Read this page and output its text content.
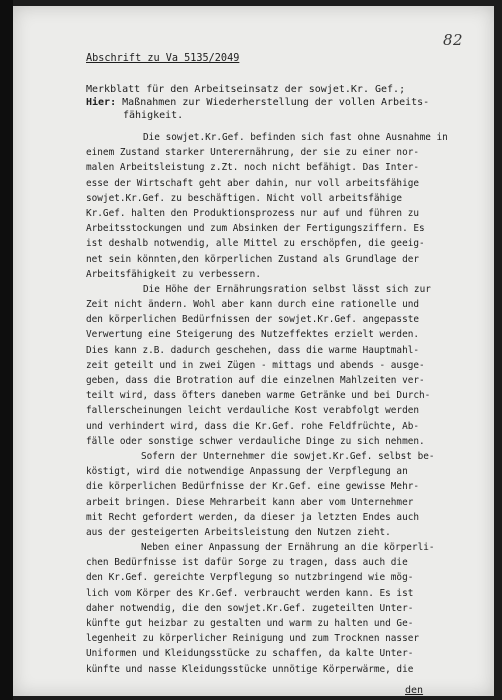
82
Abschrift zu Va 5135/2049
Merkblatt für den Arbeitseinsatz der sowjet.Kr. Gef.;
Hier: Maßnahmen zur Wiederherstellung der vollen Arbeits-
fähigkeit.
Die sowjet.Kr.Gef. befinden sich fast ohne Ausnahme in
einem Zustand starker Unterernährung, der sie zu einer nor-
malen Arbeitsleistung z.Zt. noch nicht befähigt. Das Inter-
esse der Wirtschaft geht aber dahin, nur voll arbeitsfähige
sowjet.Kr.Gef. zu beschäftigen. Nicht voll arbeitsfähige
Kr.Gef. halten den Produktionsprozess nur auf und führen zu
Arbeitsstockungen und zum Absinken der Fertigungsziffern. Es
ist deshalb notwendig, alle Mittel zu erschöpfen, die geeig-
net sein könnten,den körperlichen Zustand als Grundlage der
Arbeitsfähigkeit zu verbessern.
Die Höhe der Ernährungsration selbst lässt sich zur
Zeit nicht ändern. Wohl aber kann durch eine rationelle und
den körperlichen Bedürfnissen der sowjet.Kr.Gef. angepasste
Verwertung eine Steigerung des Nutzeffektes erzielt werden.
Dies kann z.B. dadurch geschehen, dass die warme Hauptmahl-
zeit geteilt und in zwei Zügen - mittags und abends - ausge-
geben, dass die Brotration auf die einzelnen Mahlzeiten ver-
teilt wird, dass öfters daneben warme Getränke und bei Durch-
fallerscheinungen leicht verdauliche Kost verabfolgt werden
und verhindert wird, dass die Kr.Gef. rohe Feldfrüchte, Ab-
fälle oder sonstige schwer verdauliche Dinge zu sich nehmen.
Sofern der Unternehmer die sowjet.Kr.Gef. selbst be-
köstigt, wird die notwendige Anpassung der Verpflegung an
die körperlichen Bedürfnisse der Kr.Gef. eine gewisse Mehr-
arbeit bringen. Diese Mehrarbeit kann aber vom Unternehmer
mit Recht gefordert werden, da dieser ja letzten Endes auch
aus der gesteigerten Arbeitsleistung den Nutzen zieht.
Neben einer Anpassung der Ernährung an die körperli-
chen Bedürfnisse ist dafür Sorge zu tragen, dass auch die
den Kr.Gef. gereichte Verpflegung so nutzbringend wie mög-
lich vom Körper des Kr.Gef. verbraucht werden kann. Es ist
daher notwendig, die den sowjet.Kr.Gef. zugeteilten Unter-
künfte gut heizbar zu gestalten und warm zu halten und Ge-
legenheit zu körperlicher Reinigung und zum Trocknen nasser
Uniformen und Kleidungsstücke zu schaffen, da kalte Unter-
künfte und nasse Kleidungsstücke unnötige Körperwärme, die
den
